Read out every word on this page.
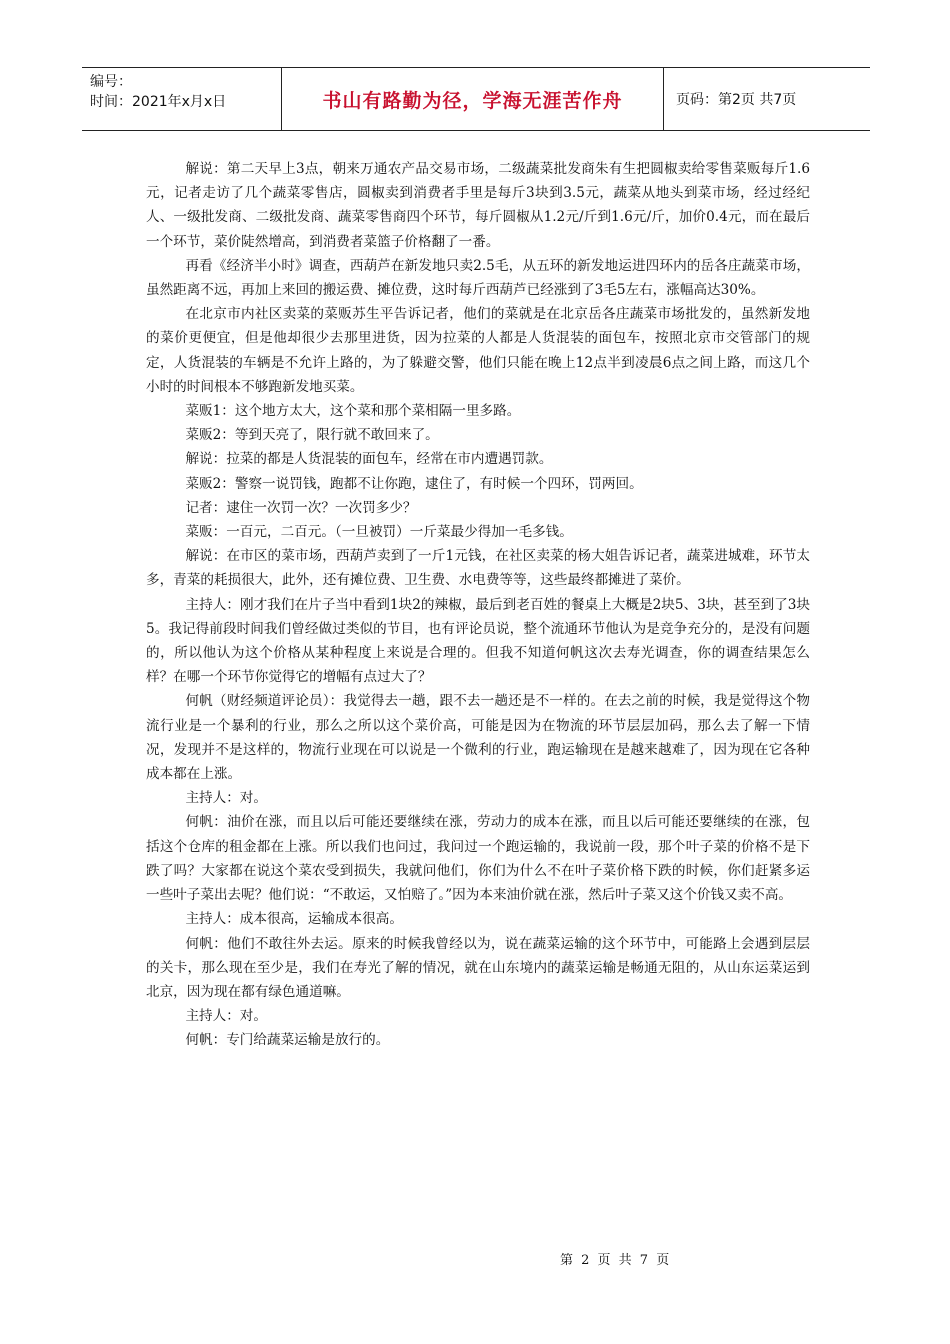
编号：
时间：2021年x月x日	书山有路勤为径，学海无涯苦作舟	页码：第2页 共7页

解说：第二天早上3点，朝来万通农产品交易市场，二级蔬菜批发商朱有生把圆椒卖给零售菜贩每斤1.6元，记者走访了几个蔬菜零售店，圆椒卖到消费者手里是每斤3块到3.5元，蔬菜从地头到菜市场，经过经纪人、一级批发商、二级批发商、蔬菜零售商四个环节，每斤圆椒从1.2元/斤到1.6元/斤，加价0.4元，而在最后一个环节，菜价陡然增高，到消费者菜篮子价格翻了一番。

再看《经济半小时》调查，西葫芦在新发地只卖2.5毛，从五环的新发地运进四环内的岳各庄蔬菜市场，虽然距离不远，再加上来回的搬运费、摊位费，这时每斤西葫芦已经涨到了3毛5左右，涨幅高达30%。

在北京市内社区卖菜的菜贩苏生平告诉记者，他们的菜就是在北京岳各庄蔬菜市场批发的，虽然新发地的菜价更便宜，但是他却很少去那里进货，因为拉菜的人都是人货混装的面包车，按照北京市交管部门的规定，人货混装的车辆是不允许上路的，为了躲避交警，他们只能在晚上12点半到凌晨6点之间上路，而这几个小时的时间根本不够跑新发地买菜。

菜贩1：这个地方太大，这个菜和那个菜相隔一里多路。

菜贩2：等到天亮了，限行就不敢回来了。

解说：拉菜的都是人货混装的面包车，经常在市内遭遇罚款。

菜贩2：警察一说罚钱，跑都不让你跑，逮住了，有时候一个四环，罚两回。

记者：逮住一次罚一次？一次罚多少？

菜贩：一百元，二百元。（一旦被罚）一斤菜最少得加一毛多钱。

解说：在市区的菜市场，西葫芦卖到了一斤1元钱，在社区卖菜的杨大姐告诉记者，蔬菜进城难，环节太多，青菜的耗损很大，此外，还有摊位费、卫生费、水电费等等，这些最终都摊进了菜价。

主持人：刚才我们在片子当中看到1块2的辣椒，最后到老百姓的餐桌上大概是2块5、3块，甚至到了3块5。我记得前段时间我们曾经做过类似的节目，也有评论员说，整个流通环节他认为是竞争充分的，是没有问题的，所以他认为这个价格从某种程度上来说是合理的。但我不知道何帆这次去寿光调查，你的调查结果怎么样？在哪一个环节你觉得它的增幅有点过大了？

何帆（财经频道评论员）：我觉得去一趟，跟不去一趟还是不一样的。在去之前的时候，我是觉得这个物流行业是一个暴利的行业，那么之所以这个菜价高，可能是因为在物流的环节层层加码，那么去了解一下情况，发现并不是这样的，物流行业现在可以说是一个微利的行业，跑运输现在是越来越难了，因为现在它各种成本都在上涨。

主持人：对。

何帆：油价在涨，而且以后可能还要继续在涨，劳动力的成本在涨，而且以后可能还要继续的在涨，包括这个仓库的租金都在上涨。所以我们也问过，我问过一个跑运输的，我说前一段，那个叶子菜的价格不是下跌了吗？大家都在说这个菜农受到损失，我就问他们，你们为什么不在叶子菜价格下跌的时候，你们赶紧多运一些叶子菜出去呢？他们说：“不敢运，又怕赔了。”因为本来油价就在涨，然后叶子菜又这个价钱又卖不高。

主持人：成本很高，运输成本很高。

何帆：他们不敢往外去运。原来的时候我曾经以为，说在蔬菜运输的这个环节中，可能路上会遇到层层的关卡，那么现在至少是，我们在寿光了解的情况，就在山东境内的蔬菜运输是畅通无阻的，从山东运菜运到北京，因为现在都有绿色通道嘛。

主持人：对。

何帆：专门给蔬菜运输是放行的。

第 2 页 共 7 页
